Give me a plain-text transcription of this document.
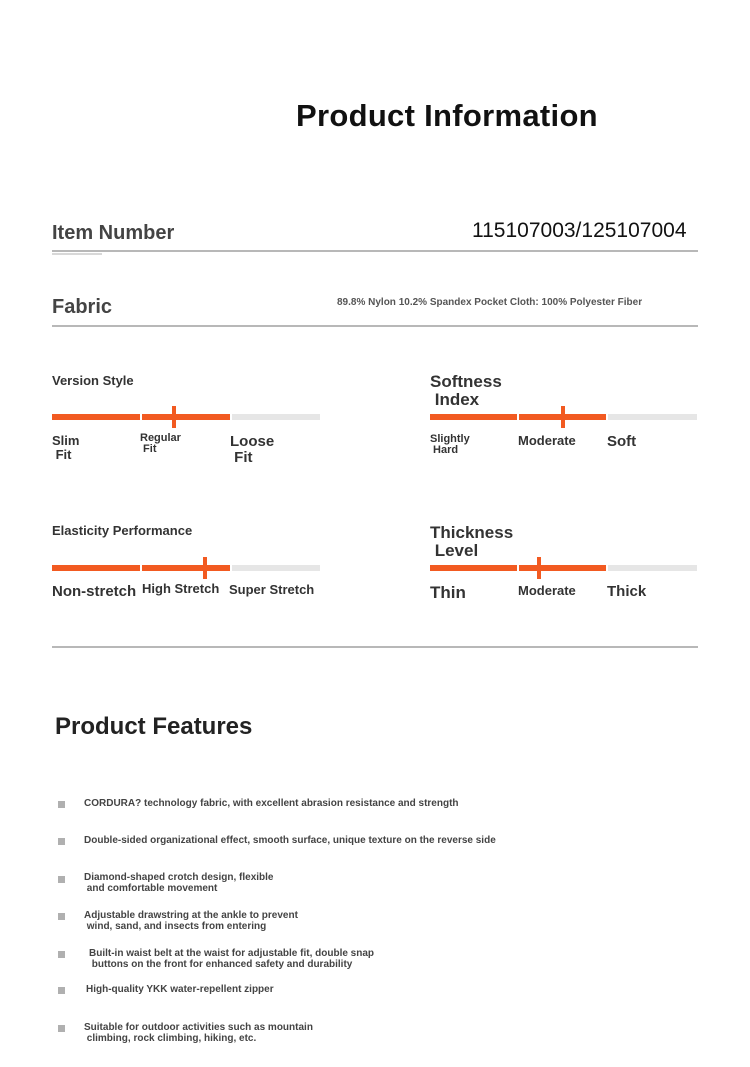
Product Information
Item Number	115107003/125107004
Fabric	89.8% Nylon 10.2% Spandex Pocket Cloth: 100% Polyester Fiber
Version Style
Slim
Fit
Regular
Fit	Loose
Fit
Softness
Index
Slightly
Hard
Moderate Soft
Elasticity Performance
Non-stretch High Stretch Super Stretch
Thickness
Level
Thin	Moderate Thick
Product Features
CORDURA? technology fabric, with excellent abrasion resistance and strength
Double-sided organizational effect, smooth surface, unique texture on the reverse side
Diamond-shaped crotch design, flexible
and comfortable movement
Adjustable drawstring at the ankle to prevent
wind, sand, and insects from entering
Built-in waist belt at the waist for adjustable fit, double snap
buttons on the front for enhanced safety and durability
High-quality YKK water-repellent zipper
Suitable for outdoor activities such as mountain
climbing, rock climbing, hiking, etc.
